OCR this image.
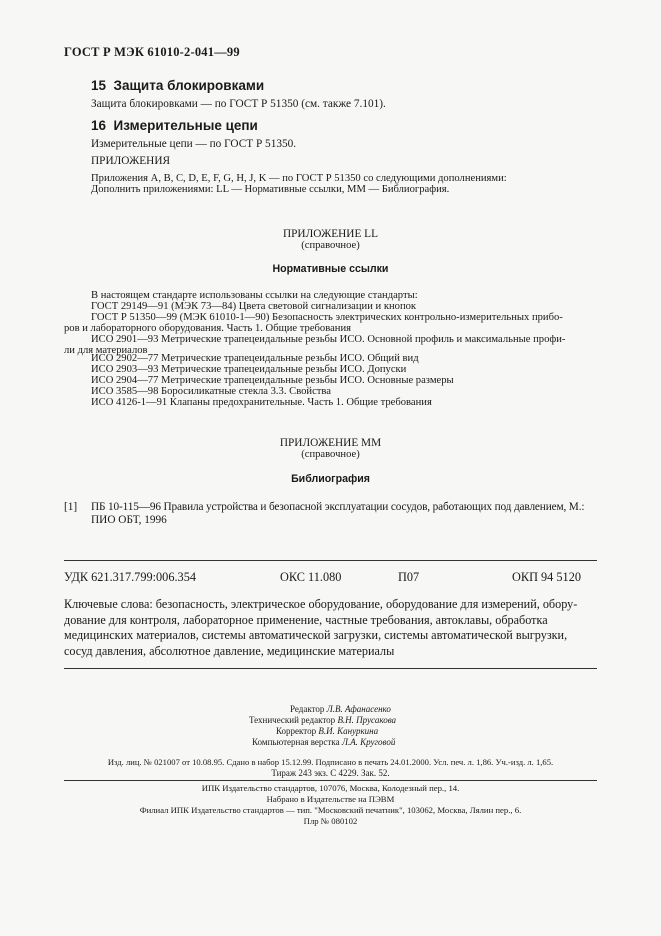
ГОСТ Р МЭК 61010-2-041—99
15 Защита блокировками
Защита блокировками — по ГОСТ Р 51350 (см. также 7.101).
16 Измерительные цепи
Измерительные цепи — по ГОСТ Р 51350.
ПРИЛОЖЕНИЯ
Приложения А, В, С, D, E, F, G, H, J, K — по ГОСТ Р 51350 со следующими дополнениями:
Дополнить приложениями: LL — Нормативные ссылки, ММ — Библиография.
ПРИЛОЖЕНИЕ LL
(справочное)
Нормативные ссылки
В настоящем стандарте использованы ссылки на следующие стандарты:
ГОСТ 29149—91 (МЭК 73—84) Цвета световой сигнализации и кнопок
ГОСТ Р 51350—99 (МЭК 61010-1—90) Безопасность электрических контрольно-измерительных прибо-
ров и лабораторного оборудования. Часть 1. Общие требования
ИСО 2901—93 Метрические трапецеидальные резьбы ИСО. Основной профиль и максимальные профи-
ли для материалов
ИСО 2902—77 Метрические трапецеидальные резьбы ИСО. Общий вид
ИСО 2903—93 Метрические трапецеидальные резьбы ИСО. Допуски
ИСО 2904—77 Метрические трапецеидальные резьбы ИСО. Основные размеры
ИСО 3585—98 Боросиликатные стекла 3.3. Свойства
ИСО 4126-1—91 Клапаны предохранительные. Часть 1. Общие требования
ПРИЛОЖЕНИЕ ММ
(справочное)
Библиография
[1] ПБ 10-115—96 Правила устройства и безопасной эксплуатации сосудов, работающих под давлением, М.:
ПИО ОБТ, 1996
УДК 621.317.799:006.354	ОКС 11.080	П07	ОКП 94 5120
Ключевые слова: безопасность, электрическое оборудование, оборудование для измерений, обору-
дование для контроля, лабораторное применение, частные требования, автоклавы, обработка
медицинских материалов, системы автоматической загрузки, системы автоматической выгрузки,
сосуд давления, абсолютное давление, медицинские материалы
Редактор Л.В. Афанасенко
Технический редактор В.Н. Прусакова
Корректор В.И. Кануркина
Компьютерная верстка Л.А. Круговой
Изд. лиц. № 021007 от 10.08.95. Сдано в набор 15.12.99. Подписано в печать 24.01.2000. Усл. печ. л. 1,86. Уч.-изд. л. 1,65.
Тираж 243 экз. С 4229. Зак. 52.
ИПК Издательство стандартов, 107076, Москва, Колодезный пер., 14.
Набрано в Издательстве на ПЭВМ
Филиал ИПК Издательство стандартов — тип. "Московский печатник", 103062, Москва, Лялин пер., 6.
Плр № 080102
